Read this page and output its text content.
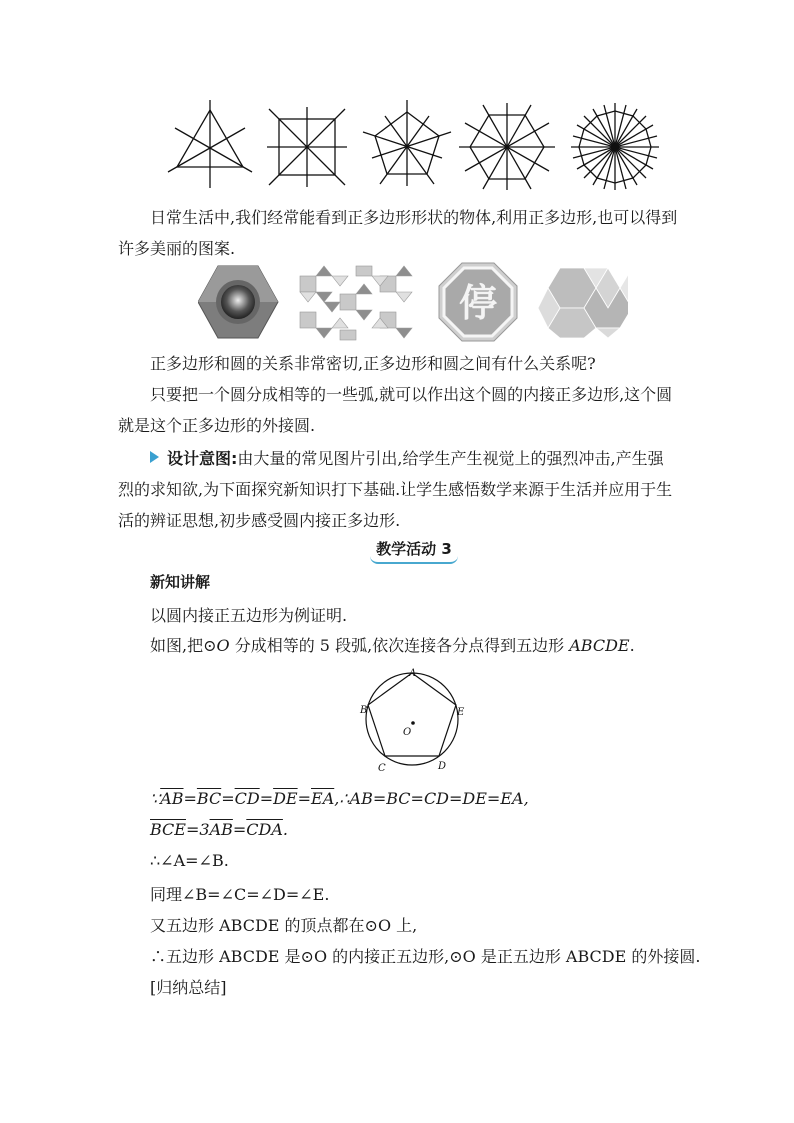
日常生活中,我们经常能看到正多边形形状的物体,利用正多边形,也可以得到许多美丽的图案.
停
正多边形和圆的关系非常密切,正多边形和圆之间有什么关系呢?
只要把一个圆分成相等的一些弧,就可以作出这个圆的内接正多边形,这个圆就是这个正多边形的外接圆.
设计意图:由大量的常见图片引出,给学生产生视觉上的强烈冲击,产生强烈的求知欲,为下面探究新知识打下基础.让学生感悟数学来源于生活并应用于生活的辨证思想,初步感受圆内接正多边形.
教学活动 3
新知讲解
以圆内接正五边形为例证明.
如图,把⊙O 分成相等的 5 段弧,依次连接各分点得到五边形 ABCDE.
A
B
C	D
E
O
$\because\overline{AB}=\overline{BC}=\overline{CD}=\overline{DE}=\overline{EA},\therefore AB=BC=CD=DE=EA$,
$\overline{BCE}=3\overline{AB}=\overline{CDA}$.
∴∠A=∠B.
同理∠B=∠C=∠D=∠E.
又五边形 ABCDE 的顶点都在⊙O 上,
∴五边形 ABCDE 是⊙O 的内接正五边形,⊙O 是正五边形 ABCDE 的外接圆.
[归纳总结]
